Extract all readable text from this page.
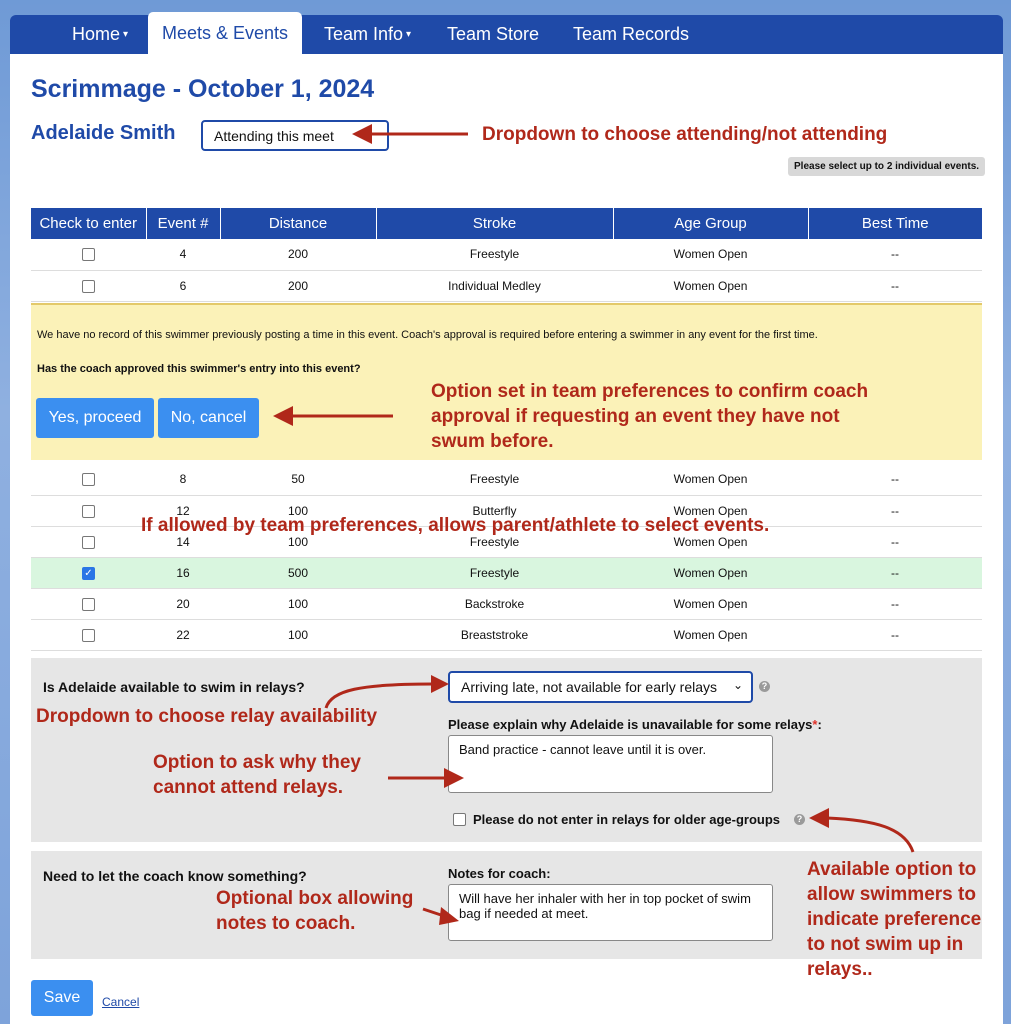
Home ▾	Meets & Events	Team Info ▾	Team Store	Team Records
Scrimmage - October 1, 2024
Adelaide Smith	Attending this meet	Dropdown to choose attending/not attending
Please select up to 2 individual events.
Check to enter	Event #	Distance	Stroke	Age Group	Best Time
	4	200	Freestyle	Women Open	--
	6	200	Individual Medley	Women Open	--
We have no record of this swimmer previously posting a time in this event. Coach's approval is required before entering a swimmer in any event for the first time.
Has the coach approved this swimmer's entry into this event?
Yes, proceed	No, cancel
Option set in team preferences to confirm coach approval if requesting an event they have not swum before.
	8	50	Freestyle	Women Open	--
	12	100	Butterfly	Women Open	--
	14	100	Freestyle	Women Open	--
✓	16	500	Freestyle	Women Open	--
	20	100	Backstroke	Women Open	--
	22	100	Breaststroke	Women Open	--
If allowed by team preferences, allows parent/athlete to select events.
Is Adelaide available to swim in relays?	Arriving late, not available for early relays ⌄	?
Dropdown to choose relay availability	Please explain why Adelaide is unavailable for some relays*:
Band practice - cannot leave until it is over.
Option to ask why they cannot attend relays.
Please do not enter in relays for older age-groups	?
Need to let the coach know something?	Notes for coach:
Will have her inhaler with her in top pocket of swim bag if needed at meet.
Optional box allowing notes to coach.
Available option to allow swimmers to indicate preference to not swim up in relays..
Save	Cancel
